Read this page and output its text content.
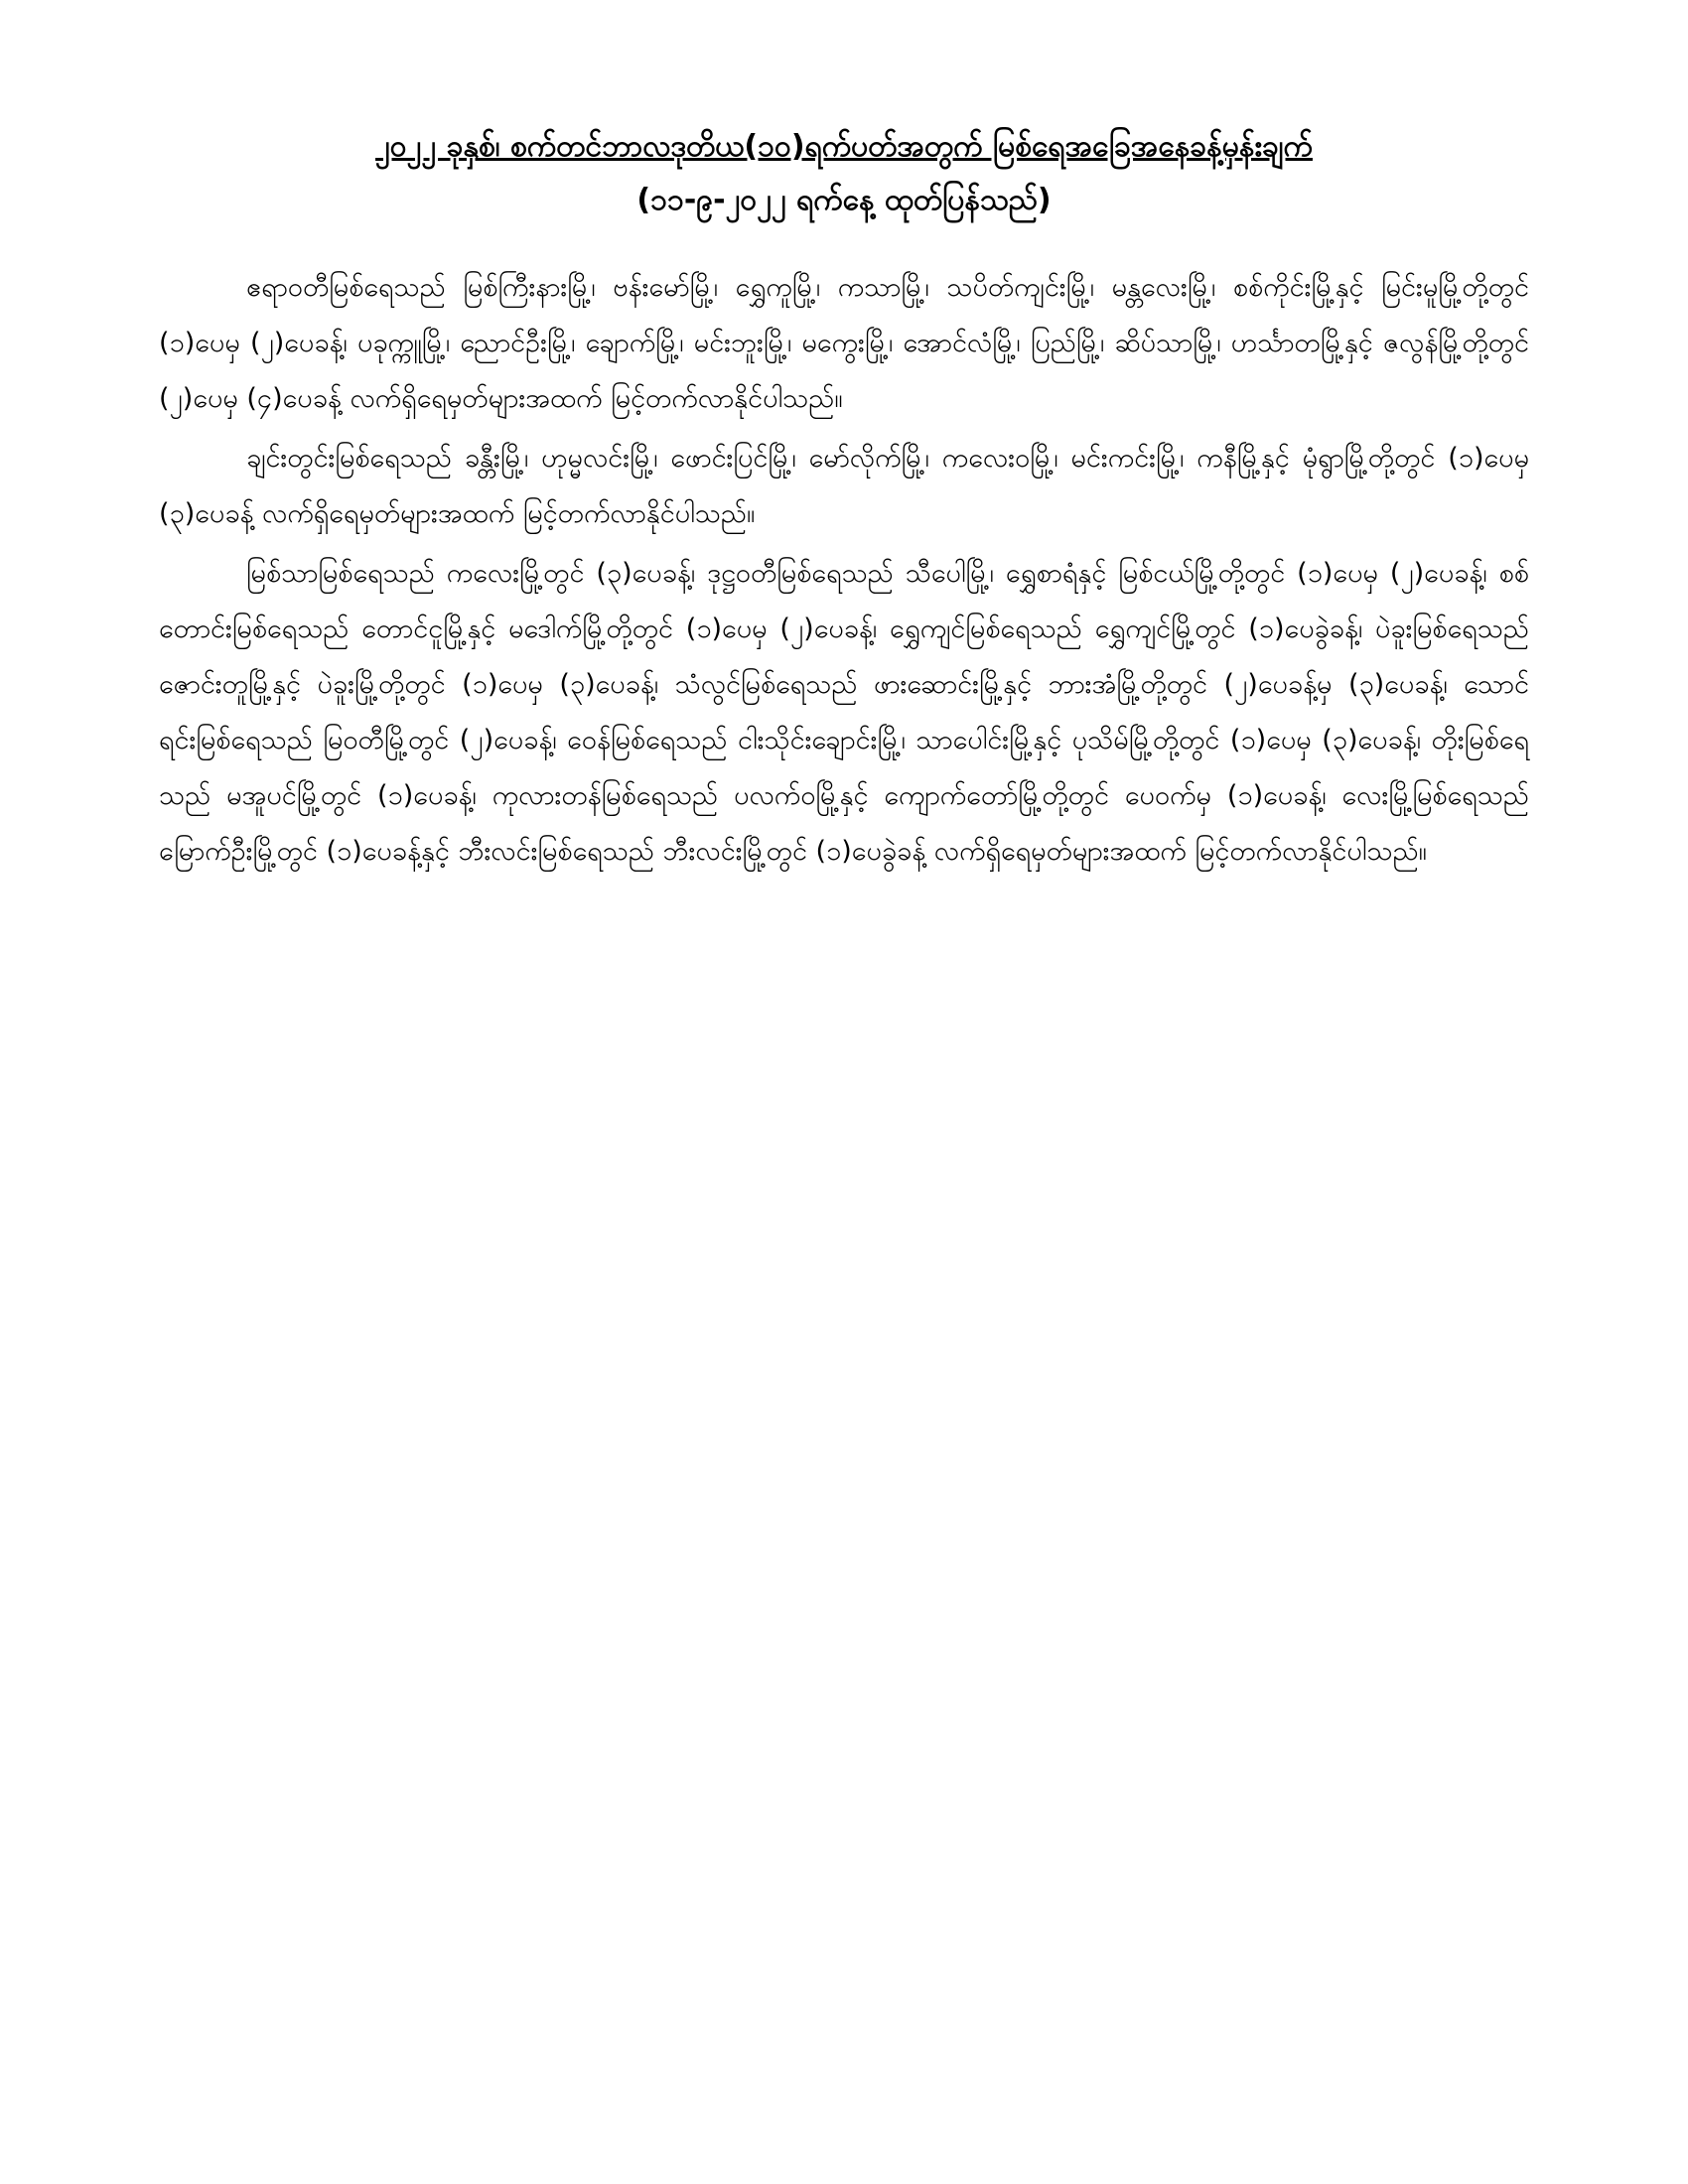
၂၀၂၂ ခုနှစ်၊ စက်တင်ဘာလဒုတိယ(၁၀)ရက်ပတ်အတွက် မြစ်ရေအခြေအနေခန့်မှန်းချက်
(၁၁-၉-၂၀၂၂ ရက်နေ့ ထုတ်ပြန်သည်)

ဧရာဝတီမြစ်ရေသည် မြစ်ကြီးနားမြို့၊ ဗန်းမော်မြို့၊ ရွှေကူမြို့၊ ကသာမြို့၊ သပိတ်ကျင်းမြို့၊ မန္တလေးမြို့၊ စစ်ကိုင်းမြို့နှင့် မြင်းမူမြို့တို့တွင် (၁)ပေမှ (၂)ပေခန့်၊ ပခုက္ကူမြို့၊ ညောင်ဦးမြို့၊ ချောက်မြို့၊ မင်းဘူးမြို့၊ မကွေးမြို့၊ အောင်လံမြို့၊ ပြည်မြို့၊ ဆိပ်သာမြို့၊ ဟင်္သာတမြို့နှင့် ဇလွန်မြို့တို့တွင် (၂)ပေမှ (၄)ပေခန့် လက်ရှိရေမှတ်များအထက် မြင့်တက်လာနိုင်ပါသည်။

ချင်းတွင်းမြစ်ရေသည် ခန္တီးမြို့၊ ဟုမ္မလင်းမြို့၊ ဖောင်းပြင်မြို့၊ မော်လိုက်မြို့၊ ကလေးဝမြို့၊ မင်းကင်းမြို့၊ ကနီမြို့နှင့် မုံရွာမြို့တို့တွင် (၁)ပေမှ (၃)ပေခန့် လက်ရှိရေမှတ်များအထက် မြင့်တက်လာနိုင်ပါသည်။

မြစ်သာမြစ်ရေသည် ကလေးမြို့တွင် (၃)ပေခန့်၊ ဒုဋ္ဌဝတီမြစ်ရေသည် သီပေါမြို့၊ ရွှေစာရံနှင့် မြစ်ငယ်မြို့တို့တွင် (၁)ပေမှ (၂)ပေခန့်၊ စစ်တောင်းမြစ်ရေသည် တောင်ငူမြို့နှင့် မဒေါက်မြို့တို့တွင် (၁)ပေမှ (၂)ပေခန့်၊ ရွှေကျင်မြစ်ရေသည် ရွှေကျင်မြို့တွင် (၁)ပေခွဲခန့်၊ ပဲခူးမြစ်ရေသည် ဇောင်းတူမြို့နှင့် ပဲခူးမြို့တို့တွင် (၁)ပေမှ (၃)ပေခန့်၊ သံလွင်မြစ်ရေသည် ဖားဆောင်းမြို့နှင့် ဘားအံမြို့တို့တွင် (၂)ပေခန့်မှ (၃)ပေခန့်၊ သောင်ရင်းမြစ်ရေသည် မြဝတီမြို့တွင် (၂)ပေခန့်၊ ဝေန်မြစ်ရေသည် ငါးသိုင်းချောင်းမြို့၊ သာပေါင်းမြို့နှင့် ပုသိမ်မြို့တို့တွင် (၁)ပေမှ (၃)ပေခန့်၊ တိုးမြစ်ရေသည် မအူပင်မြို့တွင် (၁)ပေခန့်၊ ကုလားတန်မြစ်ရေသည် ပလက်ဝမြို့နှင့် ကျောက်တော်မြို့တို့တွင် ပေဝက်မှ (၁)ပေခန့်၊ လေးမြို့မြစ်ရေသည် မြောက်ဦးမြို့တွင် (၁)ပေခန့်နှင့် ဘီးလင်းမြစ်ရေသည် ဘီးလင်းမြို့တွင် (၁)ပေခွဲခန့် လက်ရှိရေမှတ်များအထက် မြင့်တက်လာနိုင်ပါသည်။
